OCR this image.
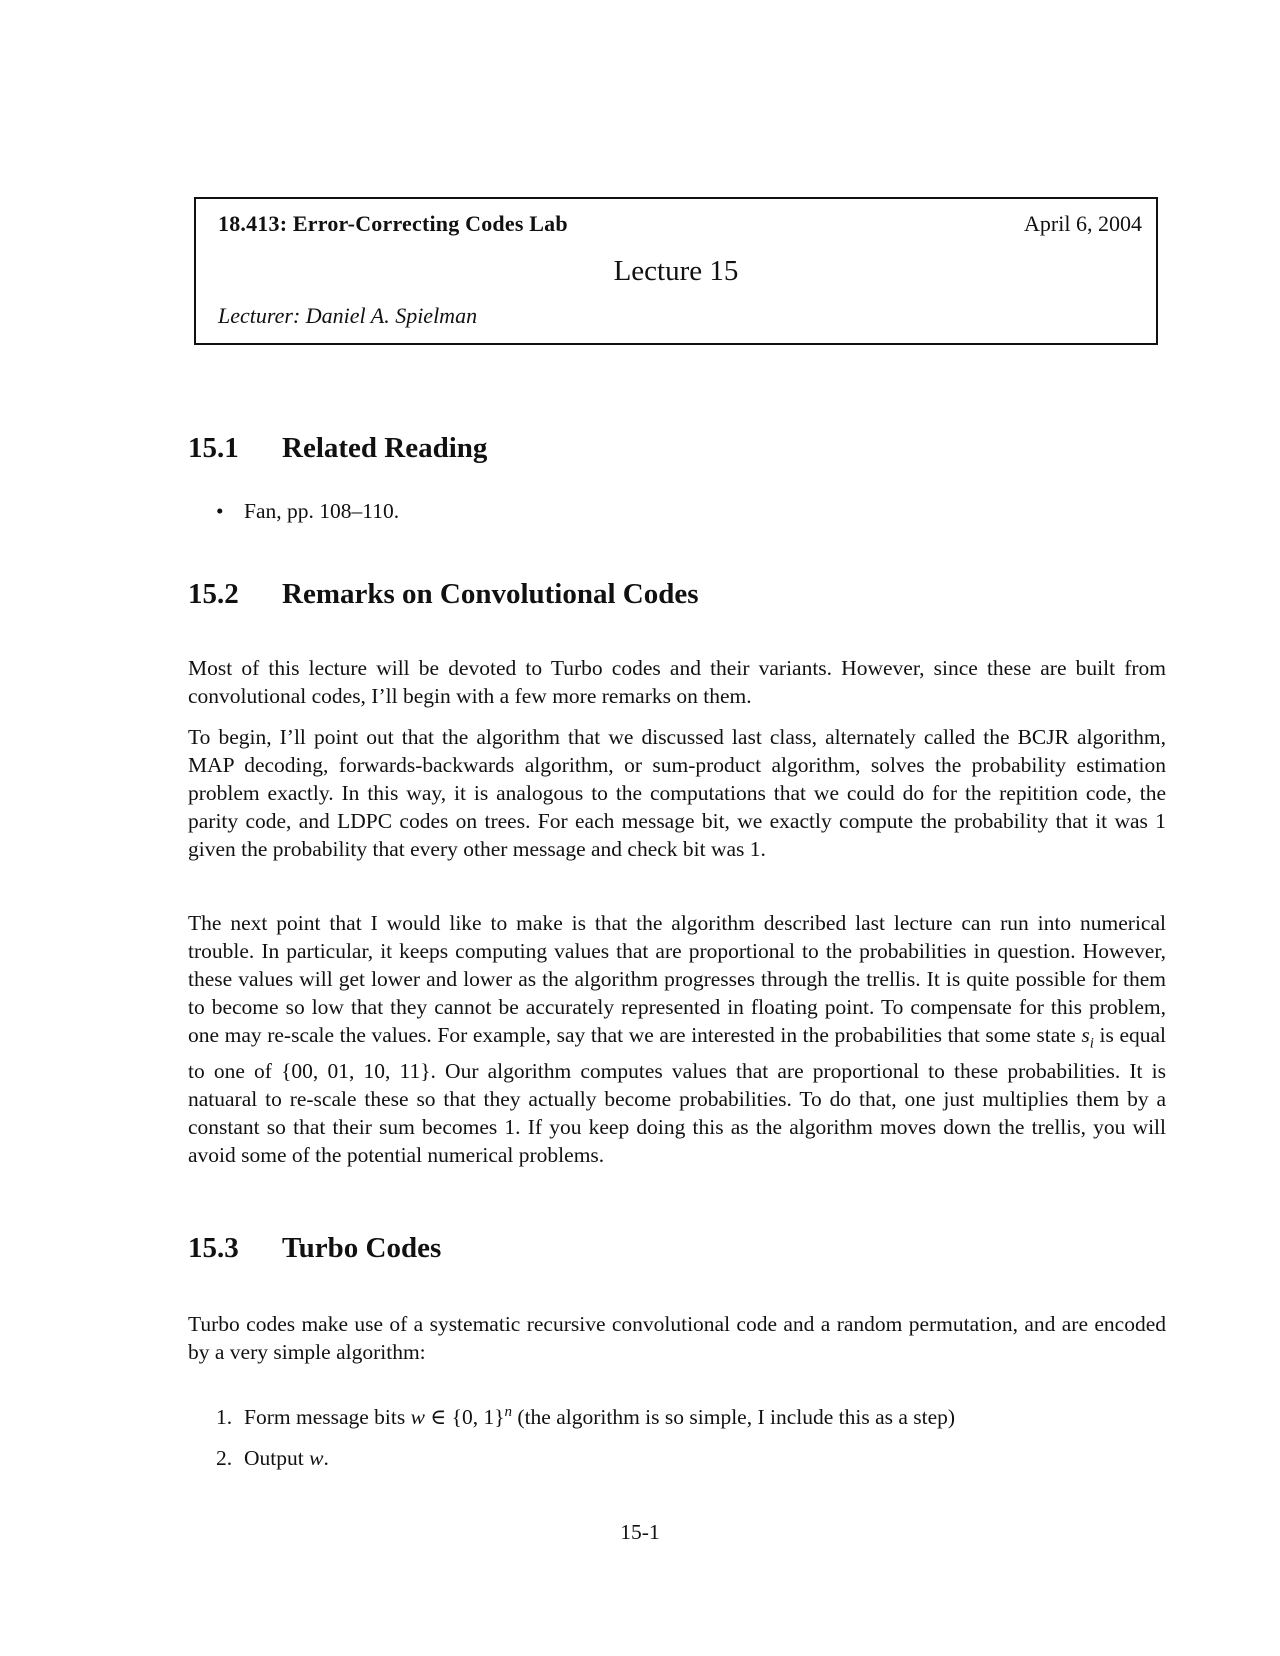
18.413: Error-Correcting Codes Lab	April 6, 2004
Lecture 15
Lecturer: Daniel A. Spielman
15.1 Related Reading

• Fan, pp. 108–110.

15.2 Remarks on Convolutional Codes

Most of this lecture will be devoted to Turbo codes and their variants. However, since these are built from convolutional codes, I’ll begin with a few more remarks on them.

To begin, I’ll point out that the algorithm that we discussed last class, alternately called the BCJR algorithm, MAP decoding, forwards-backwards algorithm, or sum-product algorithm, solves the probability estimation problem exactly. In this way, it is analogous to the computations that we could do for the repitition code, the parity code, and LDPC codes on trees. For each message bit, we exactly compute the probability that it was 1 given the probability that every other message and check bit was 1.

The next point that I would like to make is that the algorithm described last lecture can run into numerical trouble. In particular, it keeps computing values that are proportional to the probabilities in question. However, these values will get lower and lower as the algorithm progresses through the trellis. It is quite possible for them to become so low that they cannot be accurately represented in floating point. To compensate for this problem, one may re-scale the values. For example, say that we are interested in the probabilities that some state $s_i$ is equal to one of {00, 01, 10, 11}. Our algorithm computes values that are proportional to these probabilities. It is natuaral to re-scale these so that they actually become probabilities. To do that, one just multiplies them by a constant so that their sum becomes 1. If you keep doing this as the algorithm moves down the trellis, you will avoid some of the potential numerical problems.

15.3 Turbo Codes

Turbo codes make use of a systematic recursive convolutional code and a random permutation, and are encoded by a very simple algorithm:

1. Form message bits w ∈ {0, 1}$^n$ (the algorithm is so simple, I include this as a step)

2. Output w.

15-1
